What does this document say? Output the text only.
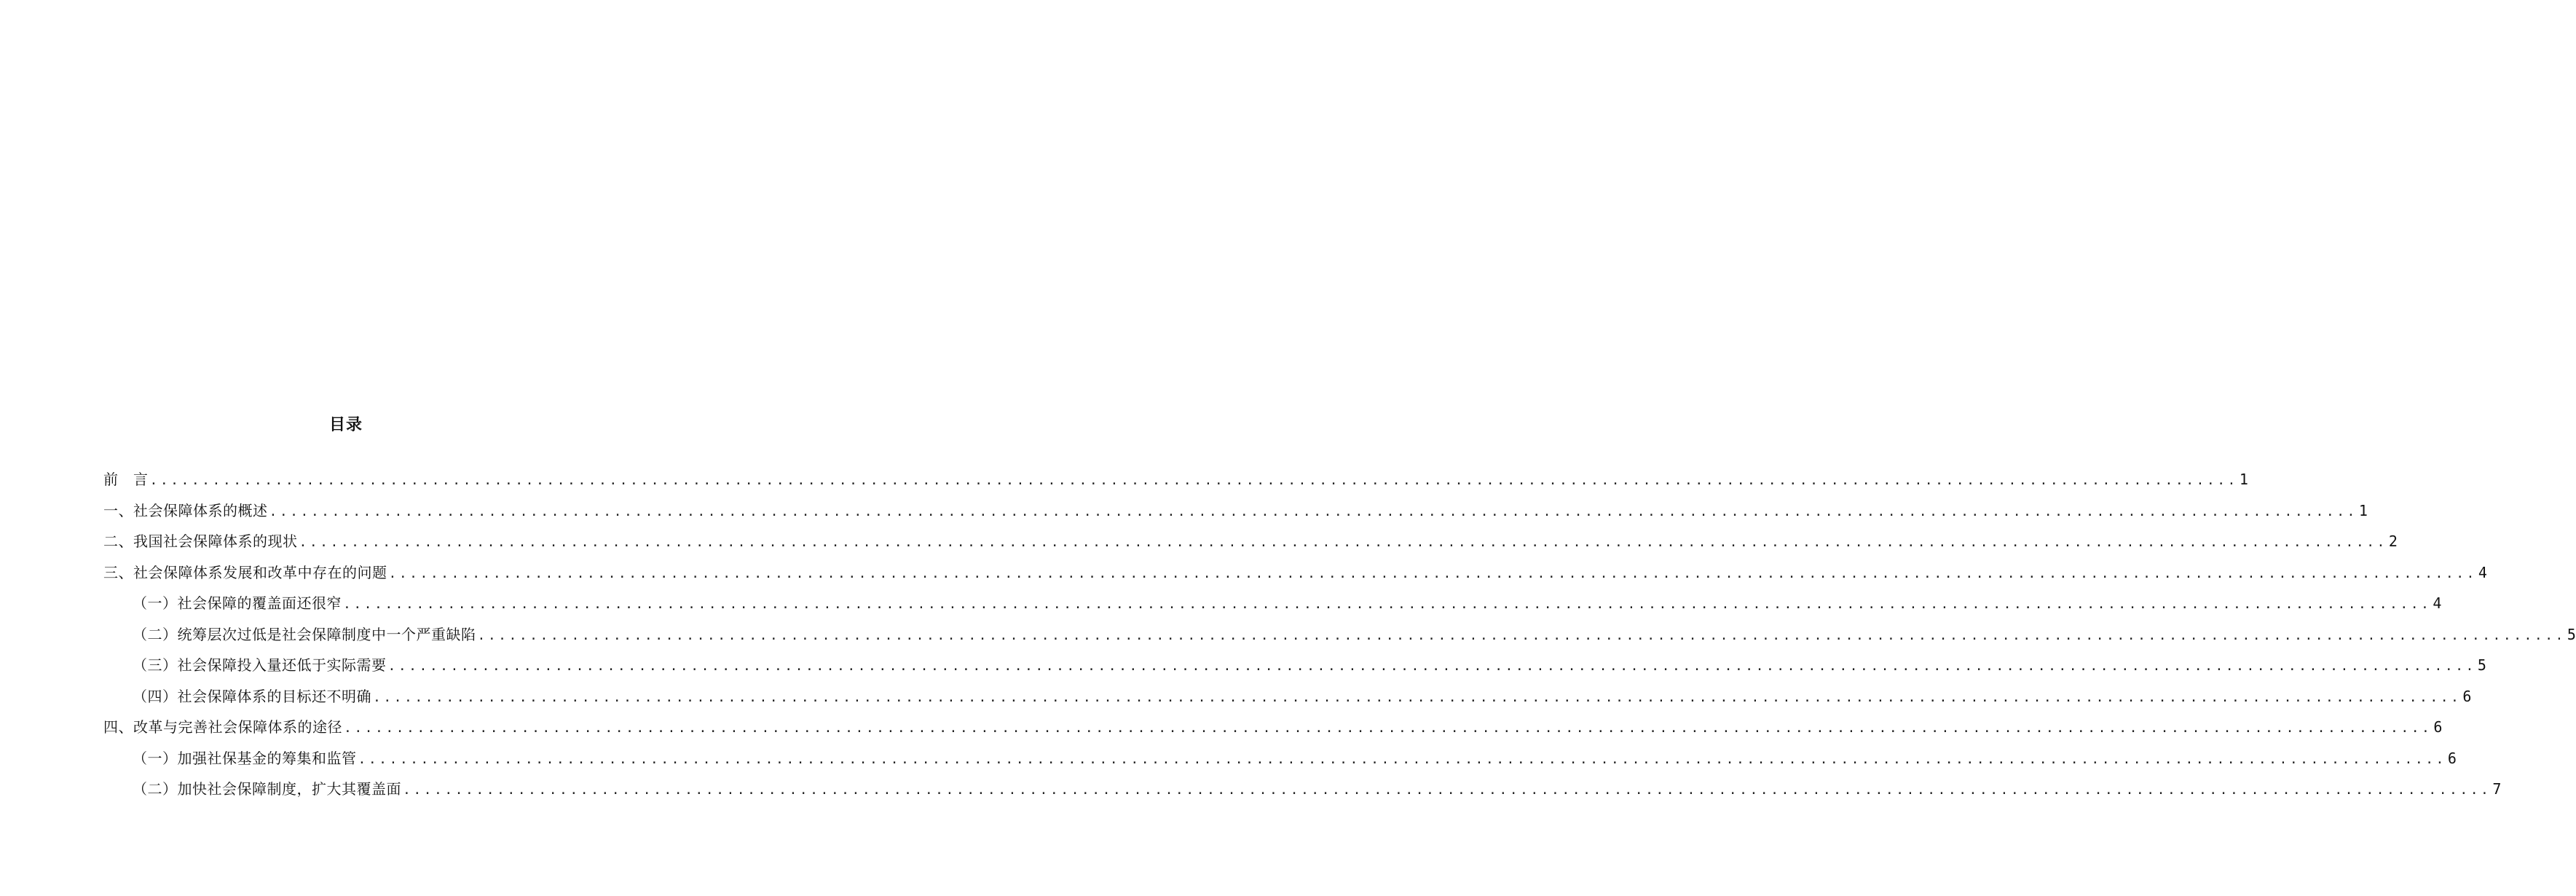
目录
前　言 ........................................................................................................................................................................................................ 1
一、社会保障体系的概述 ........................................................................................................................................................................................................ 1
二、我国社会保障体系的现状 ........................................................................................................................................................................................................ 2
三、社会保障体系发展和改革中存在的问题 ........................................................................................................................................................................................................ 4
（一）社会保障的覆盖面还很窄 ........................................................................................................................................................................................................ 4
（二）统筹层次过低是社会保障制度中一个严重缺陷 ........................................................................................................................................................................................................ 5
（三）社会保障投入量还低于实际需要 ........................................................................................................................................................................................................ 5
（四）社会保障体系的目标还不明确 ........................................................................................................................................................................................................ 6
四、改革与完善社会保障体系的途径 ........................................................................................................................................................................................................ 6
（一）加强社保基金的筹集和监管 ........................................................................................................................................................................................................ 6
（二）加快社会保障制度，扩大其覆盖面 ........................................................................................................................................................................................................ 7
